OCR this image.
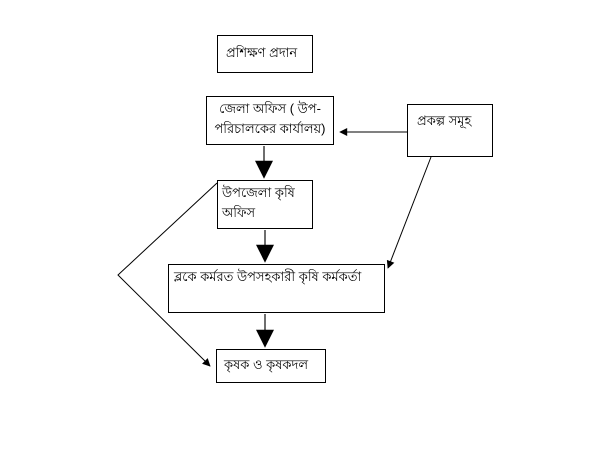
প্রশিক্ষণ প্রদান
জেলা অফিস ( উপ-পরিচালকের কার্যালয়)
প্রকল্প সমূহ
উপজেলা কৃষি অফিস
ব্লকে কর্মরত উপসহকারী কৃষি কর্মকর্তা
কৃষক ও কৃষকদল
